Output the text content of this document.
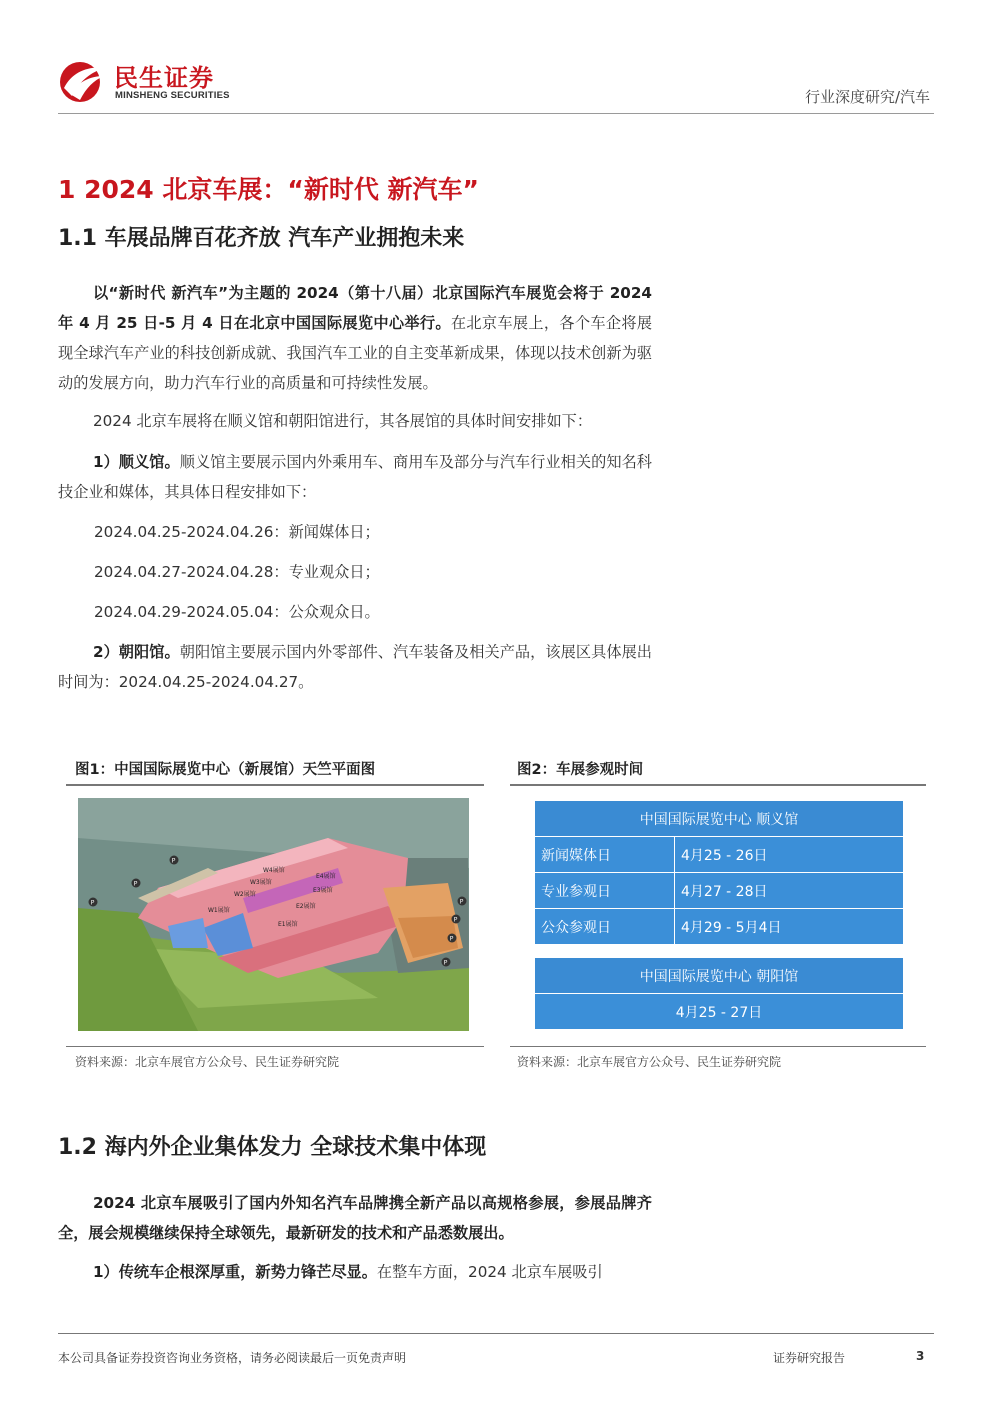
民生证券
MINSHENG SECURITIES	行业深度研究/汽车
1 2024 北京车展：“新时代 新汽车”
1.1 车展品牌百花齐放 汽车产业拥抱未来

以“新时代 新汽车”为主题的 2024（第十八届）北京国际汽车展览会将于 2024 年 4 月 25 日-5 月 4 日在北京中国国际展览中心举行。在北京车展上，各个车企将展现全球汽车产业的科技创新成就、我国汽车工业的自主变革新成果，体现以技术创新为驱动的发展方向，助力汽车行业的高质量和可持续性发展。

2024 北京车展将在顺义馆和朝阳馆进行，其各展馆的具体时间安排如下：

1）顺义馆。顺义馆主要展示国内外乘用车、商用车及部分与汽车行业相关的知名科技企业和媒体，其具体日程安排如下：

2024.04.25-2024.04.26：新闻媒体日；
2024.04.27-2024.04.28：专业观众日；
2024.04.29-2024.05.04：公众观众日。

2）朝阳馆。朝阳馆主要展示国内外零部件、汽车装备及相关产品，该展区具体展出时间为：2024.04.25-2024.04.27。

图1：中国国际展览中心（新展馆）天竺平面图
W4展馆
W3展馆
W2展馆
W1展馆
E4展馆
E3展馆
E2展馆
E1展馆
P
P
P	P
P
P
P
资料来源：北京车展官方公众号、民生证券研究院
图2：车展参观时间
中国国际展览中心 顺义馆	
新闻媒体日	4月25 - 26日
专业参观日	4月27 - 28日
公众参观日	4月29 - 5月4日
中国国际展览中心 朝阳馆
4月25 - 27日
资料来源：北京车展官方公众号、民生证券研究院
1.2 海内外企业集体发力 全球技术集中体现

2024 北京车展吸引了国内外知名汽车品牌携全新产品以高规格参展，参展品牌齐全，展会规模继续保持全球领先，最新研发的技术和产品悉数展出。

1）传统车企根深厚重，新势力锋芒尽显。在整车方面，2024 北京车展吸引

本公司具备证券投资咨询业务资格，请务必阅读最后一页免责声明	证券研究报告	3
